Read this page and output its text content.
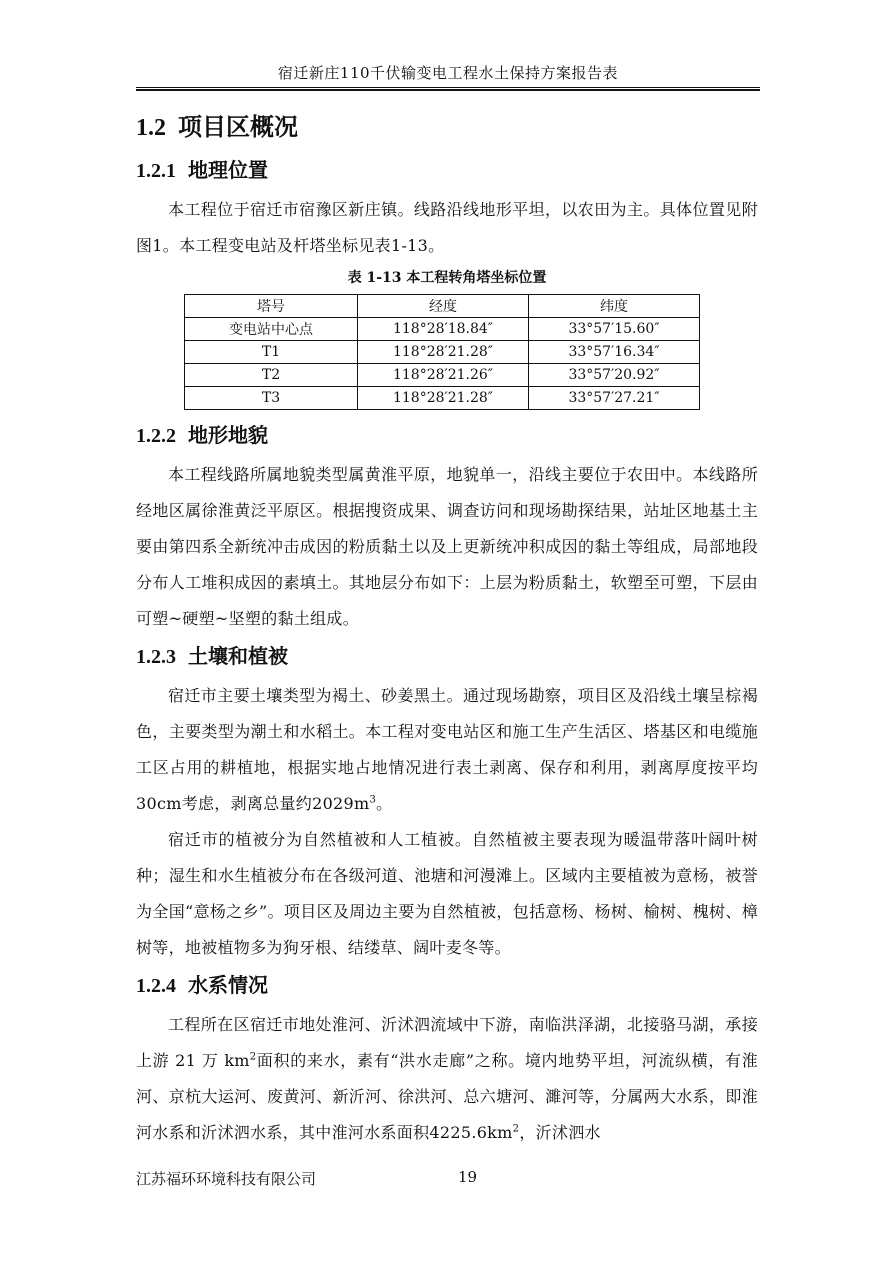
宿迁新庄110千伏输变电工程水土保持方案报告表
1.2 项目区概况
1.2.1 地理位置

本工程位于宿迁市宿豫区新庄镇。线路沿线地形平坦，以农田为主。具体位置见附图1。本工程变电站及杆塔坐标见表1-13。

表 1-13 本工程转角塔坐标位置
塔号	经度	纬度
变电站中心点	118°28′18.84″	33°57′15.60″
T1	118°28′21.28″	33°57′16.34″
T2	118°28′21.26″	33°57′20.92″
T3	118°28′21.28″	33°57′27.21″
1.2.2 地形地貌

本工程线路所属地貌类型属黄淮平原，地貌单一，沿线主要位于农田中。本线路所经地区属徐淮黄泛平原区。根据搜资成果、调查访问和现场勘探结果，站址区地基土主要由第四系全新统冲击成因的粉质黏土以及上更新统冲积成因的黏土等组成，局部地段分布人工堆积成因的素填土。其地层分布如下：上层为粉质黏土，软塑至可塑，下层由可塑~硬塑~坚塑的黏土组成。

1.2.3 土壤和植被

宿迁市主要土壤类型为褐土、砂姜黑土。通过现场勘察，项目区及沿线土壤呈棕褐色，主要类型为潮土和水稻土。本工程对变电站区和施工生产生活区、塔基区和电缆施工区占用的耕植地，根据实地占地情况进行表土剥离、保存和利用，剥离厚度按平均30cm考虑，剥离总量约$2029m^3$。

宿迁市的植被分为自然植被和人工植被。自然植被主要表现为暖温带落叶阔叶树种；湿生和水生植被分布在各级河道、池塘和河漫滩上。区域内主要植被为意杨，被誉为全国“意杨之乡”。项目区及周边主要为自然植被，包括意杨、杨树、榆树、槐树、樟树等，地被植物多为狗牙根、结缕草、阔叶麦冬等。

1.2.4 水系情况

工程所在区宿迁市地处淮河、沂沭泗流域中下游，南临洪泽湖，北接骆马湖，承接上游 21 万 $km^2$面积的来水，素有“洪水走廊”之称。境内地势平坦，河流纵横，有淮河、京杭大运河、废黄河、新沂河、徐洪河、总六塘河、濉河等，分属两大水系，即淮河水系和沂沭泗水系，其中淮河水系面积$4225.6km^2$，沂沭泗水

江苏福环环境科技有限公司	19
